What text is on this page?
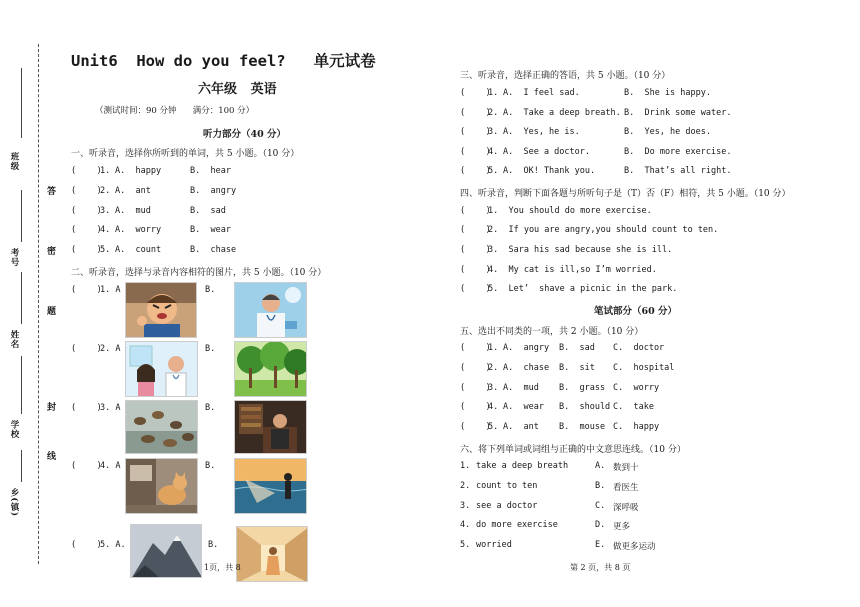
答
密
题
封
线
班级
考号
姓名
学校
乡(镇)
Unit6  How do you feel?   单元试卷
六年级   英语
（测试时间：90 分钟      满分：100 分）
听力部分（40 分）
一、听录音，选择你所听到的单词，共 5 小题。（10 分）
(    )
1. A.  happy	B.  hear
(    )
2. A.  ant	B.  angry
(    )
3. A.  mud	B.  sad
(    )
4. A.  worry	B.  wear
(    )
5. A.  count	B.  chase
二、听录音，选择与录音内容相符的图片，共 5 小题。（10 分）
(    )
1. A	B.
(    )
2. A	B.
(    )
3. A	B.
(    )
4. A	B.
(    )
5. A.	B.
1页，共 8
三、听录音，选择正确的答语，共 5 小题。（10 分）
(    )
1. A.  I feel sad.	B.  She is happy.
(    )
2. A.  Take a deep breath. B.  Drink some water.
(    )
3. A.  Yes, he is.	B.  Yes, he does.
(    )
4. A.  See a doctor.	B.  Do more exercise.
(    )
5. A.  OK! Thank you.	B.  That’s all right.
四、听录音，判断下面各题与所听句子是（T）否（F）相符，共 5 小题。（10 分）
(    )
1.  You should do more exercise.
(    )
2.  If you are angry,you should count to ten.
(    )
3.  Sara his sad because she is ill.
(    )
4.  My cat is ill,so I’m worried.
(    )
5.  Let’  shave a picnic in the park.
笔试部分（60 分）
五、选出不同类的一项，共 2 小题。（10 分）
(    )
1. A.  angry B.  sad C.  doctor
(    )
2. A.  chase B.  sit C.  hospital
(    )
3. A.  mud B.  grass C.  worry
(    )
4. A.  wear B.  should C.  take
(    )
5. A.  ant B.  mouse C.  happy
六、将下列单词或词组与正确的中文意思连线。（10 分）
1. take a deep breath	A. 数到十
2. count to ten	B. 看医生
3. see a doctor	C. 深呼吸
4. do more exercise	D. 更多
5. worried	E. 做更多运动
第 2 页，共 8 页
